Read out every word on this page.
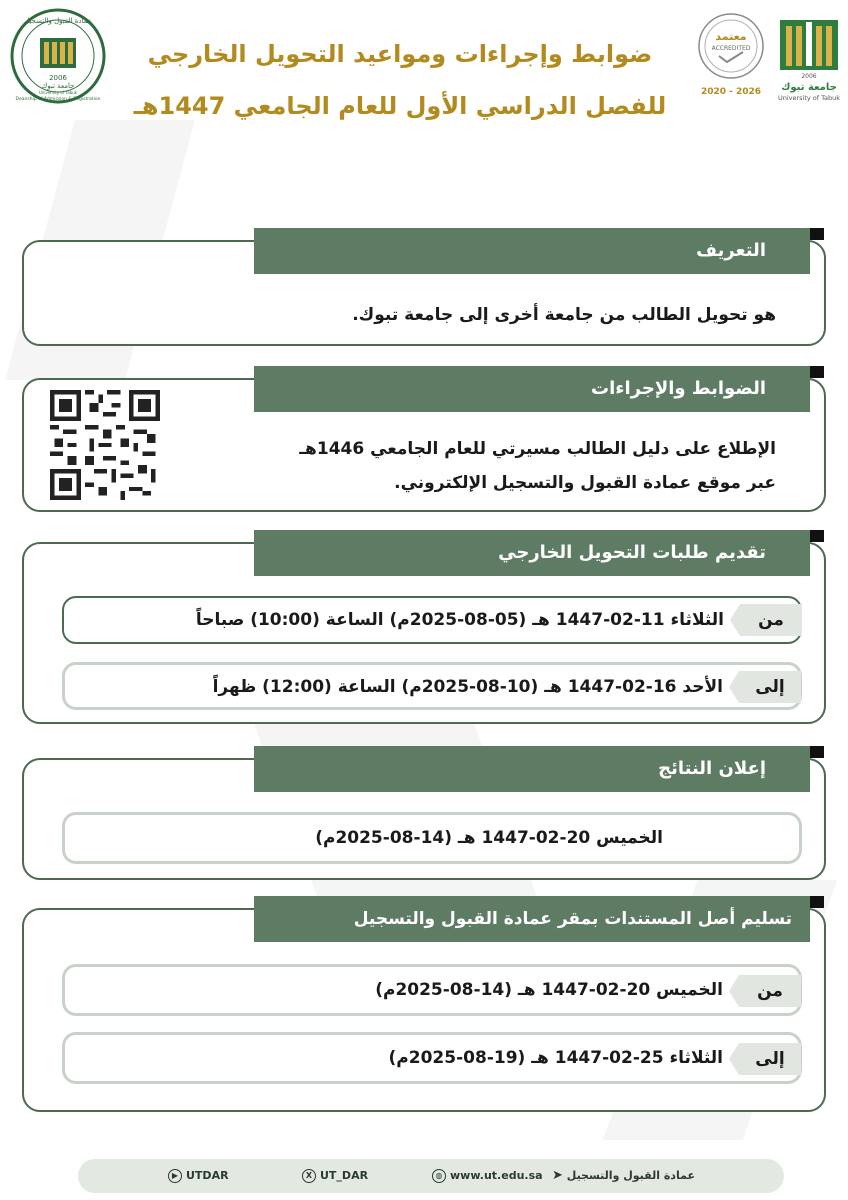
2006
جامعة تبوك
University of Tabuk
عمادة القبول والتسجيل
Deanship of Admission & Registration
ضوابط وإجراءات ومواعيد التحويل الخارجي
للفصل الدراسي الأول للعام الجامعي 1447هـ
معتمد
ACCREDITED
2020 - 2026
2006
جامعة تبوك
University of Tabuk
التعريف
هو تحويل الطالب من جامعة أخرى إلى جامعة تبوك.
الضوابط والإجراءات
الإطلاع على دليل الطالب مسيرتي للعام الجامعي 1446هـ
عبر موقع عمادة القبول والتسجيل الإلكتروني.
تقديم طلبات التحويل الخارجي
من
الثلاثاء 11-02-1447 هـ (05-08-2025م) الساعة (10:00) صباحاً
إلى
الأحد 16-02-1447 هـ (10-08-2025م) الساعة (12:00) ظهراً
إعلان النتائج
الخميس 20-02-1447 هـ (14-08-2025م)
تسليم أصل المستندات بمقر عمادة القبول والتسجيل
من
الخميس 20-02-1447 هـ (14-08-2025م)
إلى
الثلاثاء 25-02-1447 هـ (19-08-2025م)
▶ UTDAR	X UT_DAR	◍ www.ut.edu.sa	عمادة القبول والتسجيل ➤
